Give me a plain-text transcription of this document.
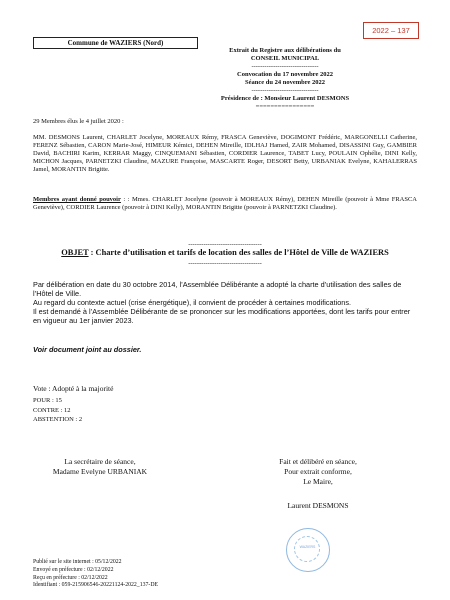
2022 – 137
Commune de WAZIERS (Nord)
Extrait du Registre aux délibérations du
CONSEIL MUNICIPAL
-------------------------------
Convocation du 17 novembre 2022
Séance du 24 novembre 2022
-------------------------------
Présidence de : Monsieur Laurent DESMONS
================
29 Membres élus le 4 juillet 2020 :
MM. DESMONS Laurent, CHARLET Jocelyne, MOREAUX Rémy, FRASCA Geneviève, DOGIMONT Frédéric, MARGONELLI Catherine, FERENZ Sébastien, CARON Marie-José, HIMEUR Kémici, DEHEN Mireille, IDLHAJ Hamed, ZAIR Mohamed, DISASSINI Guy, GAMBIER David, BACHIRI Karim, KERRAR Maggy, CINQUEMANI Sébastien, CORDIER Laurence, TABET Lucy, POULAIN Ophélie, DINI Kelly, MICHON Jacques, PARNETZKI Claudine, MAZURE Françoise, MASCARTE Roger, DESORT Betty, URBANIAK Evelyne, KAHALERRAS Jamel, MORANTIN Brigitte.
Membres ayant donné pouvoir : : Mmes. CHARLET Jocelyne (pouvoir à MOREAUX Rémy), DEHEN Mireille (pouvoir à Mme FRASCA Geneviève), CORDIER Laurence (pouvoir à DINI Kelly), MORANTIN Brigitte (pouvoir à PARNETZKI Claudine).
----------------------------------
OBJET : Charte d’utilisation et tarifs de location des salles de l’Hôtel de Ville de WAZIERS
----------------------------------
Par délibération en date du 30 octobre 2014, l’Assemblée Délibérante a adopté la charte d’utilisation des salles de l’Hôtel de Ville.
Au regard du contexte actuel (crise énergétique), il convient de procéder à certaines modifications.
Il est demandé à l’Assemblée Délibérante de se prononcer sur les modifications apportées, dont les tarifs pour entrer en vigueur au 1er janvier 2023.
Voir document joint au dossier.
Vote : Adopté à la majorité
POUR : 15
CONTRE : 12
ABSTENTION : 2
La secrétaire de séance,
Madame Evelyne URBANIAK
Fait et délibéré en séance,
Pour extrait conforme,
Le Maire,
Laurent DESMONS
WAZIERS
Publié sur le site internet : 05/12/2022
Envoyé en préfecture : 02/12/2022
Reçu en préfecture : 02/12/2022
Identifiant : 059-215906546-20221124-2022_137-DE
